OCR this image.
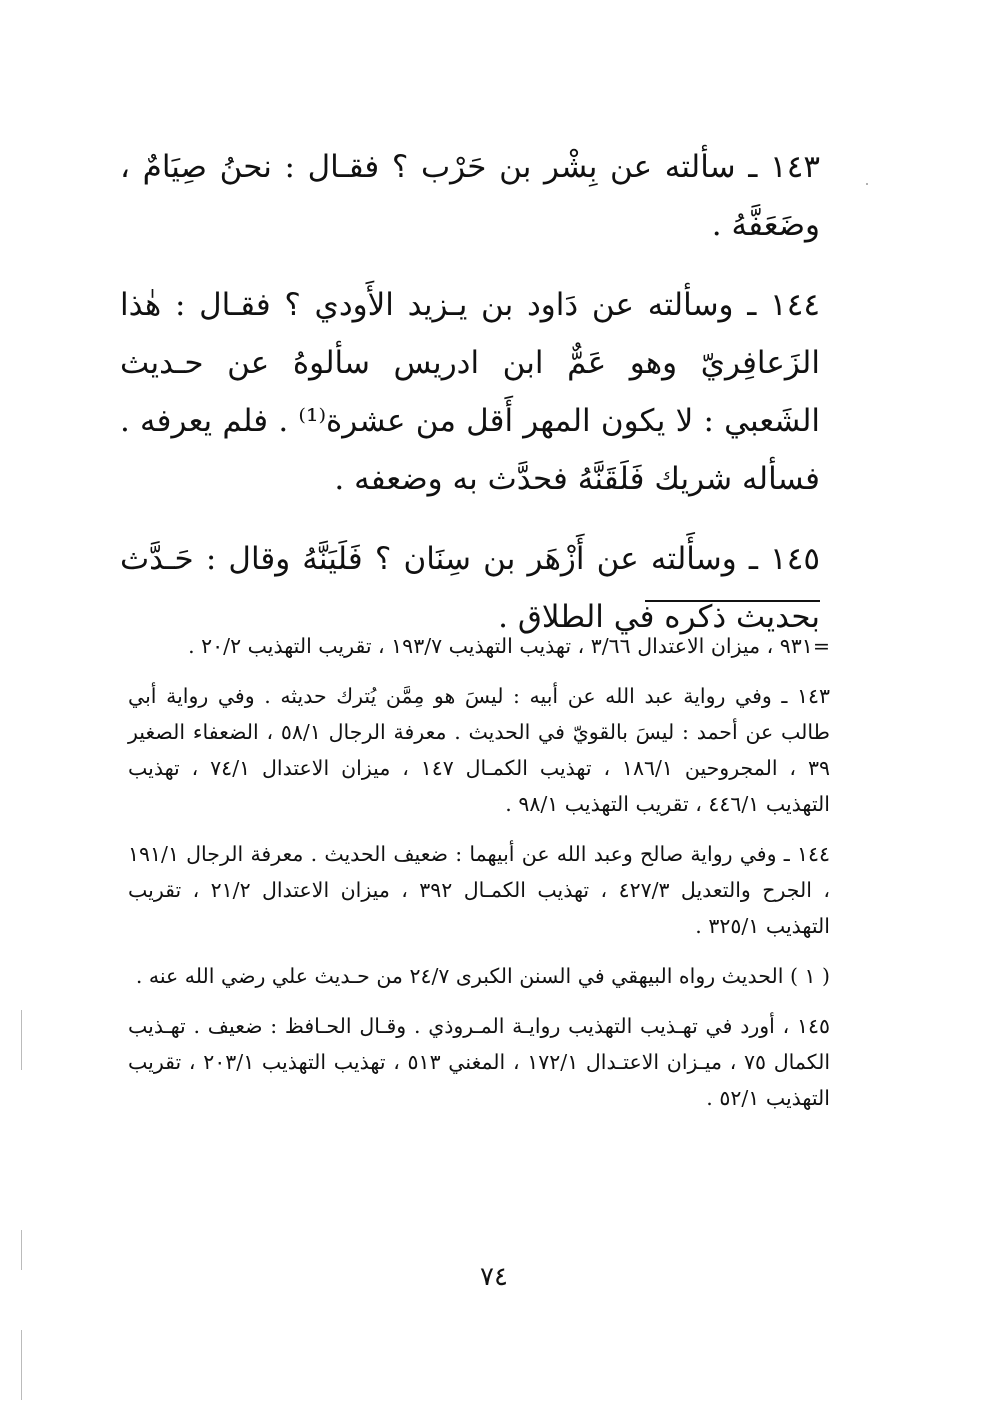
١٤٣ ـ سألته عن بِشْر بن حَرْب ؟ فقـال : نحنُ صِيَامٌ ، وضَعَفَّهُ .

١٤٤ ـ وسألته عن دَاود بن يـزيد الأَودي ؟ فقـال : هٰذا الزَعافِريّ وهو عَمٌّ ابن ادريس سألوهُ عن حـديث الشَعبي : لا يكون المهر أَقل من عشرة⁽¹⁾ . فلم يعرفه . فسأله شريك فَلَقَنَّهُ فحدَّث به وضعفه .

١٤٥ ـ وسأَلته عن أَزْهَر بن سِنَان ؟ فَلَيَنَّهُ وقال : حَـدَّث بحديث ذكره في الطلاق .

=٩٣١ ، ميزان الاعتدال ٣/٦٦ ، تهذيب التهذيب ١٩٣/٧ ، تقريب التهذيب ٢٠/٢ .

١٤٣ ـ وفي رواية عبد الله عن أبيه : ليسَ هو مِمَّن يُترك حديثه . وفي رواية أبي طالب عن أحمد : ليسَ بالقويّ في الحديث . معرفة الرجال ٥٨/١ ، الضعفاء الصغير ٣٩ ، المجروحين ١٨٦/١ ، تهذيب الكمـال ١٤٧ ، ميزان الاعتدال ٧٤/١ ، تهذيب التهذيب ٤٤٦/١ ، تقريب التهذيب ٩٨/١ .

١٤٤ ـ وفي رواية صالح وعبد الله عن أبيهما : ضعيف الحديث . معرفة الرجال ١٩١/١ ، الجرح والتعديل ٤٢٧/٣ ، تهذيب الكمـال ٣٩٢ ، ميزان الاعتدال ٢١/٢ ، تقريب التهذيب ٣٢٥/١ .

( ١ ) الحديث رواه البيهقي في السنن الكبرى ٢٤/٧ من حـديث علي رضي الله عنه .

١٤٥ ، أورد في تهـذيب التهذيب روايـة المـروذي . وقـال الحـافظ : ضعيف . تهـذيب الكمال ٧٥ ، ميـزان الاعتـدال ١٧٢/١ ، المغني ٥١٣ ، تهذيب التهذيب ٢٠٣/١ ، تقريب التهذيب ٥٢/١ .

٧٤
